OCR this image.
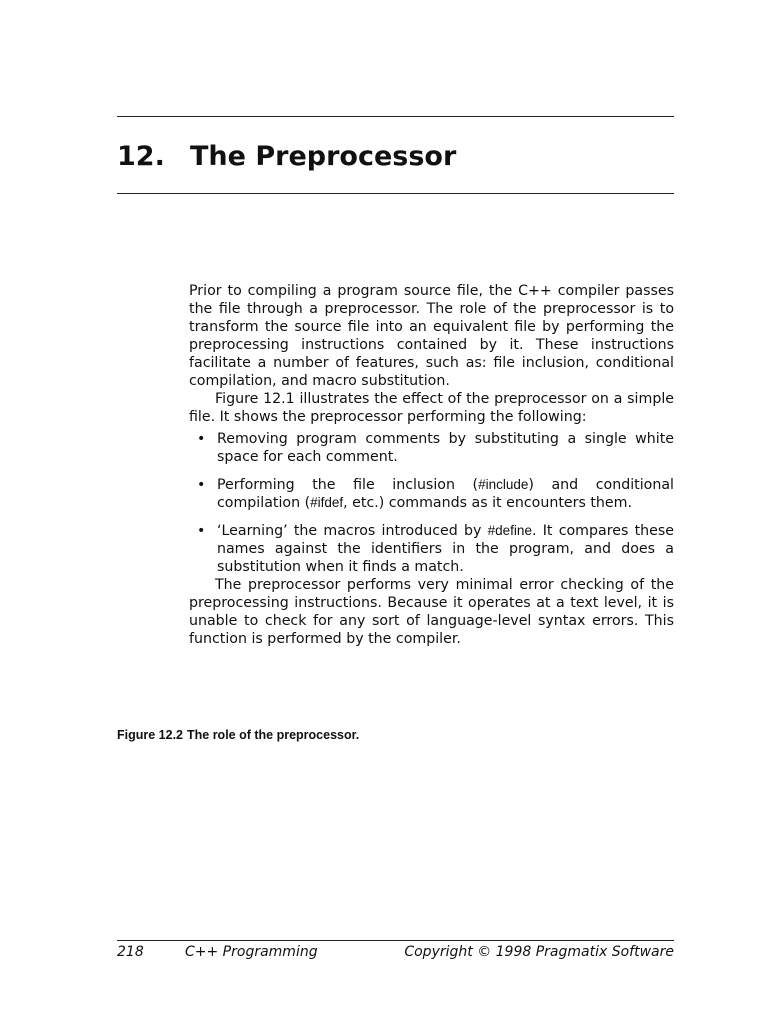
12. The Preprocessor

Prior to compiling a program source file, the C++ compiler passes the file through a preprocessor. The role of the preprocessor is to transform the source file into an equivalent file by performing the preprocessing instructions contained by it. These instructions facilitate a number of features, such as: file inclusion, conditional compilation, and macro substitution.

Figure 12.1 illustrates the effect of the preprocessor on a simple file. It shows the preprocessor performing the following:

• Removing program comments by substituting a single white space for each comment.
• Performing the file inclusion (#include) and conditional compilation (#ifdef, etc.) commands as it encounters them.
• ‘Learning’ the macros introduced by #define. It compares these names against the identifiers in the program, and does a substitution when it finds a match.

The preprocessor performs very minimal error checking of the preprocessing instructions. Because it operates at a text level, it is unable to check for any sort of language-level syntax errors. This function is performed by the compiler.

Figure 12.2 The role of the preprocessor.
218	C++ Programming	Copyright © 1998 Pragmatix Software
